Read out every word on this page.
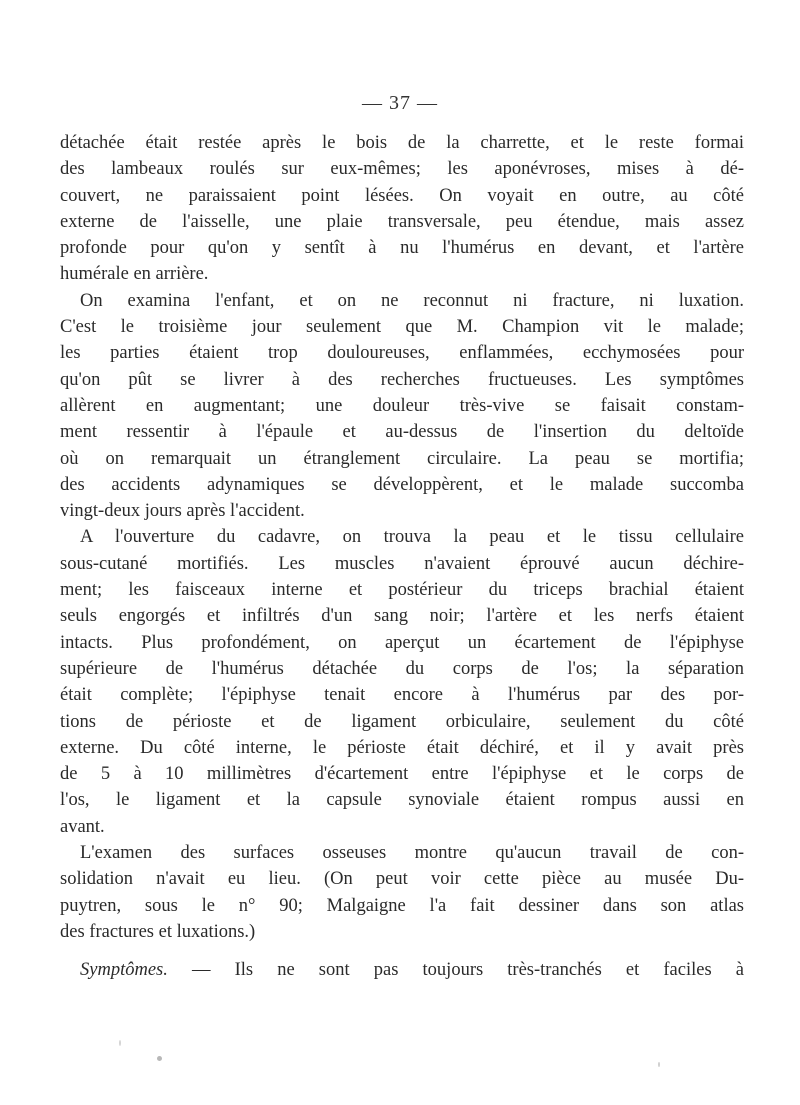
— 37 —
détachée était restée après le bois de la charrette, et le reste formai
des lambeaux roulés sur eux-mêmes; les aponévroses, mises à dé-
couvert, ne paraissaient point lésées. On voyait en outre, au côté
externe de l'aisselle, une plaie transversale, peu étendue, mais assez
profonde pour qu'on y sentît à nu l'humérus en devant, et l'artère
humérale en arrière.
On examina l'enfant, et on ne reconnut ni fracture, ni luxation.
C'est le troisième jour seulement que M. Champion vit le malade;
les parties étaient trop douloureuses, enflammées, ecchymosées pour
qu'on pût se livrer à des recherches fructueuses. Les symptômes
allèrent en augmentant; une douleur très-vive se faisait constam-
ment ressentir à l'épaule et au-dessus de l'insertion du deltoïde
où on remarquait un étranglement circulaire. La peau se mortifia;
des accidents adynamiques se développèrent, et le malade succomba
vingt-deux jours après l'accident.
A l'ouverture du cadavre, on trouva la peau et le tissu cellulaire
sous-cutané mortifiés. Les muscles n'avaient éprouvé aucun déchire-
ment; les faisceaux interne et postérieur du triceps brachial étaient
seuls engorgés et infiltrés d'un sang noir; l'artère et les nerfs étaient
intacts. Plus profondément, on aperçut un écartement de l'épiphyse
supérieure de l'humérus détachée du corps de l'os; la séparation
était complète; l'épiphyse tenait encore à l'humérus par des por-
tions de périoste et de ligament orbiculaire, seulement du côté
externe. Du côté interne, le périoste était déchiré, et il y avait près
de 5 à 10 millimètres d'écartement entre l'épiphyse et le corps de
l'os, le ligament et la capsule synoviale étaient rompus aussi en
avant.
L'examen des surfaces osseuses montre qu'aucun travail de con-
solidation n'avait eu lieu. (On peut voir cette pièce au musée Du-
puytren, sous le n° 90; Malgaigne l'a fait dessiner dans son atlas
des fractures et luxations.)
Symptômes. — Ils ne sont pas toujours très-tranchés et faciles à
